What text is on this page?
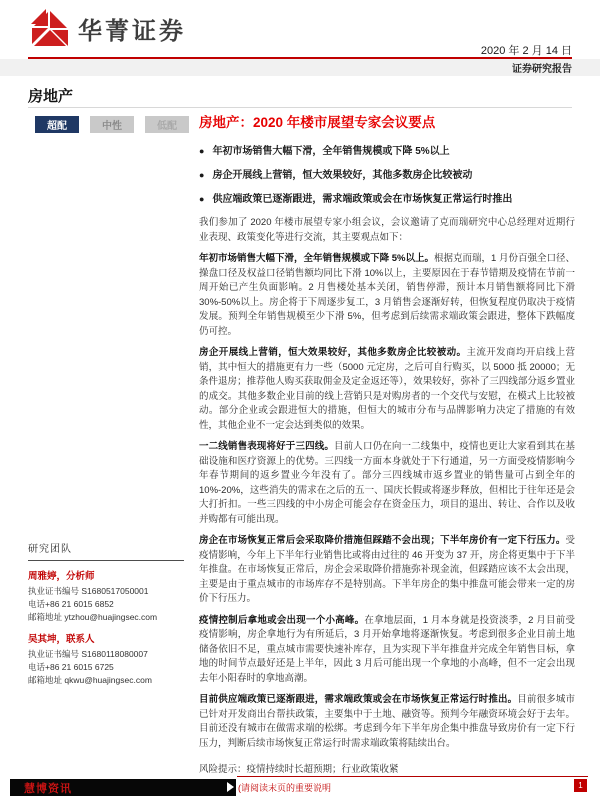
华菁证券
2020 年 2 月 14 日
证券研究报告
房地产
超配	中性	低配	房地产：2020 年楼市展望专家会议要点
● 年初市场销售大幅下滑，全年销售规模或下降 5%以上
● 房企开展线上营销，恒大效果较好，其他多数房企比较被动
● 供应端政策已逐渐跟进，需求端政策或会在市场恢复正常运行时推出

我们参加了 2020 年楼市展望专家小组会议，会议邀请了克而瑞研究中心总经理对近期行业表现、政策变化等进行交流，其主要观点如下：

年初市场销售大幅下滑，全年销售规模或下降 5%以上。根据克而瑞，1 月份百强全口径、操盘口径及权益口径销售额均同比下滑 10%以上，主要原因在于春节错期及疫情在节前一周开始已产生负面影响。2 月售楼处基本关闭，销售停滞，预计本月销售额将同比下滑 30%-50%以上。房企将于下周逐步复工，3 月销售会逐渐好转，但恢复程度仍取决于疫情发展。预判全年销售规模至少下滑 5%，但考虑到后续需求端政策会跟进，整体下跌幅度仍可控。

房企开展线上营销，恒大效果较好，其他多数房企比较被动。主流开发商均开启线上营销，其中恒大的措施更有力一些（5000 元定房，之后可自行购买，以 5000 抵 20000；无条件退房；推荐他人购买获取佣金及定金返还等），效果较好，弥补了三四线部分返乡置业的成交。其他多数企业目前的线上营销只是对购房者的一个交代与安慰，在模式上比较被动。部分企业或会跟进恒大的措施，但恒大的城市分布与品牌影响力决定了措施的有效性，其他企业不一定会达到类似的效果。

一二线销售表现将好于三四线。目前人口仍在向一二线集中，疫情也更让大家看到其在基础设施和医疗资源上的优势。三四线一方面本身就处于下行通道，另一方面受疫情影响今年春节期间的返乡置业今年没有了。部分三四线城市返乡置业的销售量可占到全年的 10%-20%，这些消失的需求在之后的五一、国庆长假或将逐步释放，但相比于往年还是会大打折扣。一些三四线的中小房企可能会存在资金压力，项目的退出、转让、合作以及收并购都有可能出现。

房企在市场恢复正常后会采取降价措施但踩踏不会出现；下半年房价有一定下行压力。受疫情影响，今年上下半年行业销售比或将由过往的 46 开变为 37 开，房企将更集中于下半年推盘。在市场恢复正常后，房企会采取降价措施弥补现金流，但踩踏应该不太会出现，主要是由于重点城市的市场库存不是特别高。下半年房企的集中推盘可能会带来一定的房价下行压力。

疫情控制后拿地或会出现一个小高峰。在拿地层面，1 月本身就是投资淡季，2 月目前受疫情影响，房企拿地行为有所延后，3 月开始拿地将逐渐恢复。考虑到很多企业目前土地储备依旧不足，重点城市需要快速补库存，且为实现下半年推盘并完成全年销售目标，拿地的时间节点最好还是上半年，因此 3 月后可能出现一个拿地的小高峰，但不一定会出现去年小阳春时的拿地高潮。

目前供应端政策已逐渐跟进，需求端政策或会在市场恢复正常运行时推出。目前很多城市已针对开发商出台帮扶政策，主要集中于土地、融资等。预判今年融资环境会好于去年。目前还没有城市在做需求端的松绑。考虑到今年下半年房企集中推盘导致房价有一定下行压力，判断后续市场恢复正常运行时需求端政策将陆续出台。

风险提示：疫情持续时长超预期；行业政策收紧

研究团队
周雅婷，分析师
执业证书编号 S1680517050001
电话+86 21 6015 6852
邮箱地址 ytzhou@huajingsec.com
吴其坤，联系人
执业证书编号 S1680118080007
电话+86 21 6015 6725
邮箱地址 qkwu@huajingsec.com
慧博资讯	(请阅读末页的重要说明	1
